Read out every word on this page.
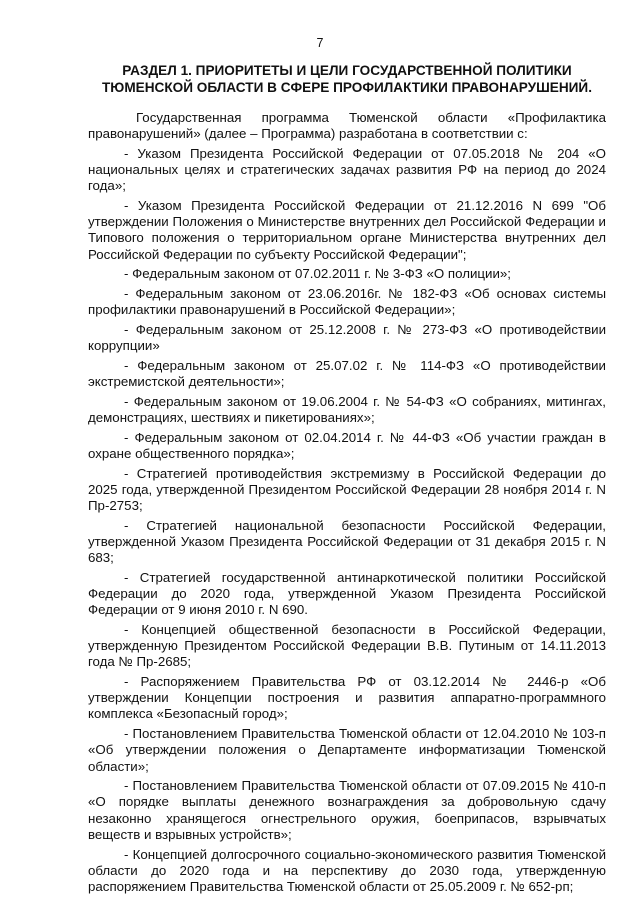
7
РАЗДЕЛ 1. ПРИОРИТЕТЫ И ЦЕЛИ ГОСУДАРСТВЕННОЙ ПОЛИТИКИ ТЮМЕНСКОЙ ОБЛАСТИ В СФЕРЕ ПРОФИЛАКТИКИ ПРАВОНАРУШЕНИЙ.

Государственная программа Тюменской области «Профилактика правонарушений» (далее – Программа) разработана в соответствии с:

- Указом Президента Российской Федерации от 07.05.2018 № 204 «О национальных целях и стратегических задачах развития РФ на период до 2024 года»;

- Указом Президента Российской Федерации от 21.12.2016 N 699 "Об утверждении Положения о Министерстве внутренних дел Российской Федерации и Типового положения о территориальном органе Министерства внутренних дел Российской Федерации по субъекту Российской Федерации";

- Федеральным законом от 07.02.2011 г. № 3-ФЗ «О полиции»;

- Федеральным законом от 23.06.2016г. № 182-ФЗ «Об основах системы профилактики правонарушений в Российской Федерации»;

- Федеральным законом от 25.12.2008 г. № 273-ФЗ «О противодействии коррупции»

- Федеральным законом от 25.07.02 г. № 114-ФЗ «О противодействии экстремистской деятельности»;

- Федеральным законом от 19.06.2004 г. № 54-ФЗ «О собраниях, митингах, демонстрациях, шествиях и пикетированиях»;

- Федеральным законом от 02.04.2014 г. № 44-ФЗ «Об участии граждан в охране общественного порядка»;

- Стратегией противодействия экстремизму в Российской Федерации до 2025 года, утвержденной Президентом Российской Федерации 28 ноября 2014 г. N Пр-2753;

- Стратегией национальной безопасности Российской Федерации, утвержденной Указом Президента Российской Федерации от 31 декабря 2015 г. N 683;

- Стратегией государственной антинаркотической политики Российской Федерации до 2020 года, утвержденной Указом Президента Российской Федерации от 9 июня 2010 г. N 690.

- Концепцией общественной безопасности в Российской Федерации, утвержденную Президентом Российской Федерации В.В. Путиным от 14.11.2013 года № Пр-2685;

- Распоряжением Правительства РФ от 03.12.2014 № 2446-р «Об утверждении Концепции построения и развития аппаратно-программного комплекса «Безопасный город»;

- Постановлением Правительства Тюменской области от 12.04.2010 № 103-п «Об утверждении положения о Департаменте информатизации Тюменской области»;

- Постановлением Правительства Тюменской области от 07.09.2015 № 410-п «О порядке выплаты денежного вознаграждения за добровольную сдачу незаконно хранящегося огнестрельного оружия, боеприпасов, взрывчатых веществ и взрывных устройств»;

- Концепцией долгосрочного социально-экономического развития Тюменской области до 2020 года и на перспективу до 2030 года, утвержденную распоряжением Правительства Тюменской области от 25.05.2009 г. № 652-рп;
